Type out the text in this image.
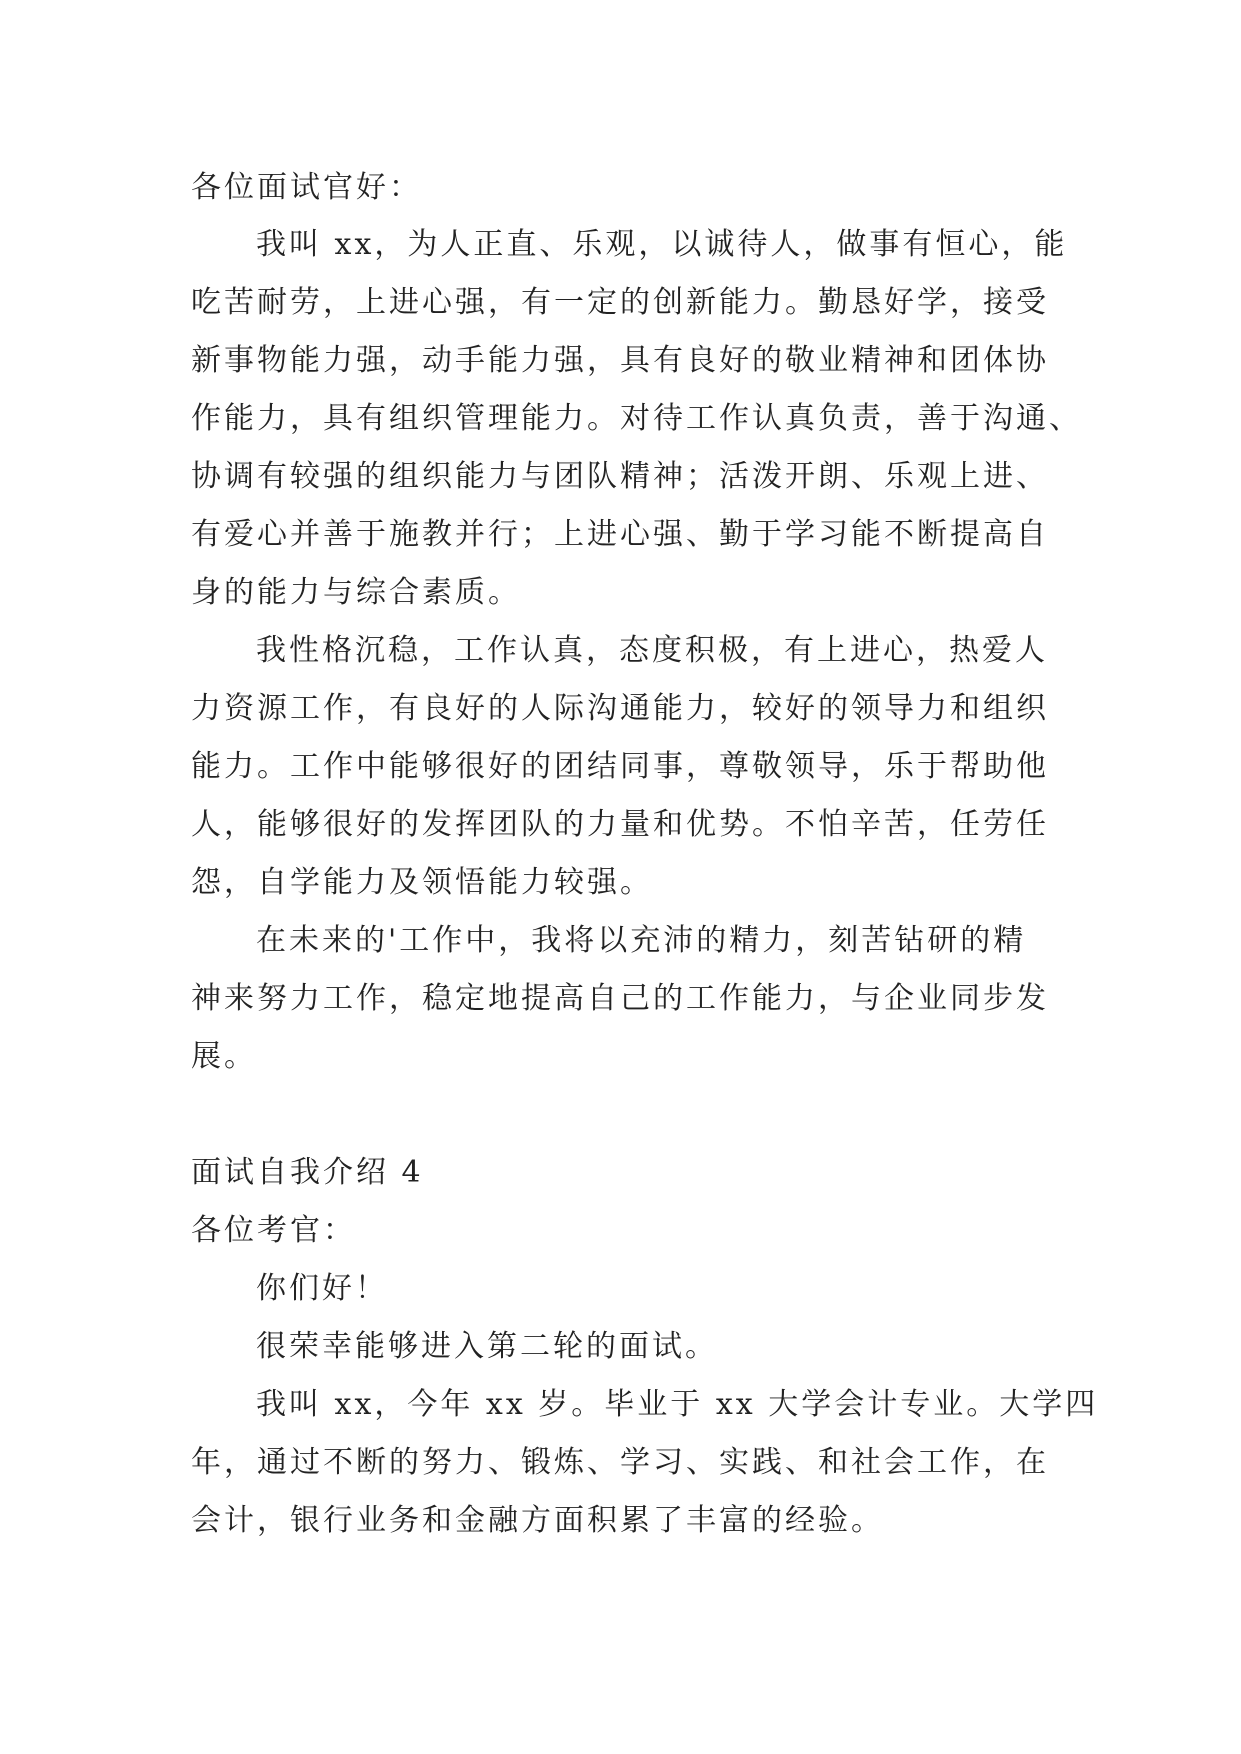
各位面试官好：

我叫 xx，为人正直、乐观，以诚待人，做事有恒心，能

吃苦耐劳，上进心强，有一定的创新能力。勤恳好学，接受

新事物能力强，动手能力强，具有良好的敬业精神和团体协

作能力，具有组织管理能力。对待工作认真负责，善于沟通、

协调有较强的组织能力与团队精神；活泼开朗、乐观上进、

有爱心并善于施教并行；上进心强、勤于学习能不断提高自

身的能力与综合素质。

我性格沉稳，工作认真，态度积极，有上进心，热爱人

力资源工作，有良好的人际沟通能力，较好的领导力和组织

能力。工作中能够很好的团结同事，尊敬领导，乐于帮助他

人，能够很好的发挥团队的力量和优势。不怕辛苦，任劳任

怨，自学能力及领悟能力较强。

在未来的'工作中，我将以充沛的精力，刻苦钻研的精

神来努力工作，稳定地提高自己的工作能力，与企业同步发

展。

面试自我介绍 4

各位考官：

你们好！

很荣幸能够进入第二轮的面试。

我叫 xx，今年 xx 岁。毕业于 xx 大学会计专业。大学四

年，通过不断的努力、锻炼、学习、实践、和社会工作，在

会计，银行业务和金融方面积累了丰富的经验。
